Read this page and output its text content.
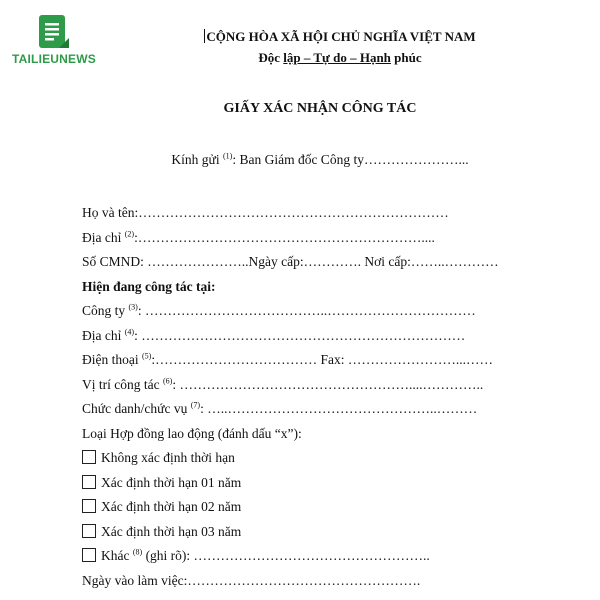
TAILIEUNEWS
CỘNG HÒA XÃ HỘI CHỦ NGHĨA VIỆT NAM
Độc lập – Tự do – Hạnh phúc
GIẤY XÁC NHẬN CÔNG TÁC
Kính gửi $^{(1)}$: Ban Giám đốc Công ty…………………...
Họ và tên:……………………………………………………………
Địa chỉ $^{(2)}$:………………………………………………………....
Số CMND: …………………..Ngày cấp:…………. Nơi cấp:……..…………
Hiện đang công tác tại:
Công ty $^{(3)}$: …………………………………..……………………………
Địa chỉ $^{(4)}$: ………………………………………………………………
Điện thoại $^{(5)}$:……………………………… Fax: ……………………...……
Vị trí công tác $^{(6)}$: ……………………………………………....…………..
Chức danh/chức vụ $^{(7)}$: …..………………………………………..………
Loại Hợp đồng lao động (đánh dấu “x”):
Không xác định thời hạn
Xác định thời hạn 01 năm
Xác định thời hạn 02 năm
Xác định thời hạn 03 năm
Khác $^{(8)}$ (ghi rõ): ……………………………………………..
Ngày vào làm việc:…………………………………………….
